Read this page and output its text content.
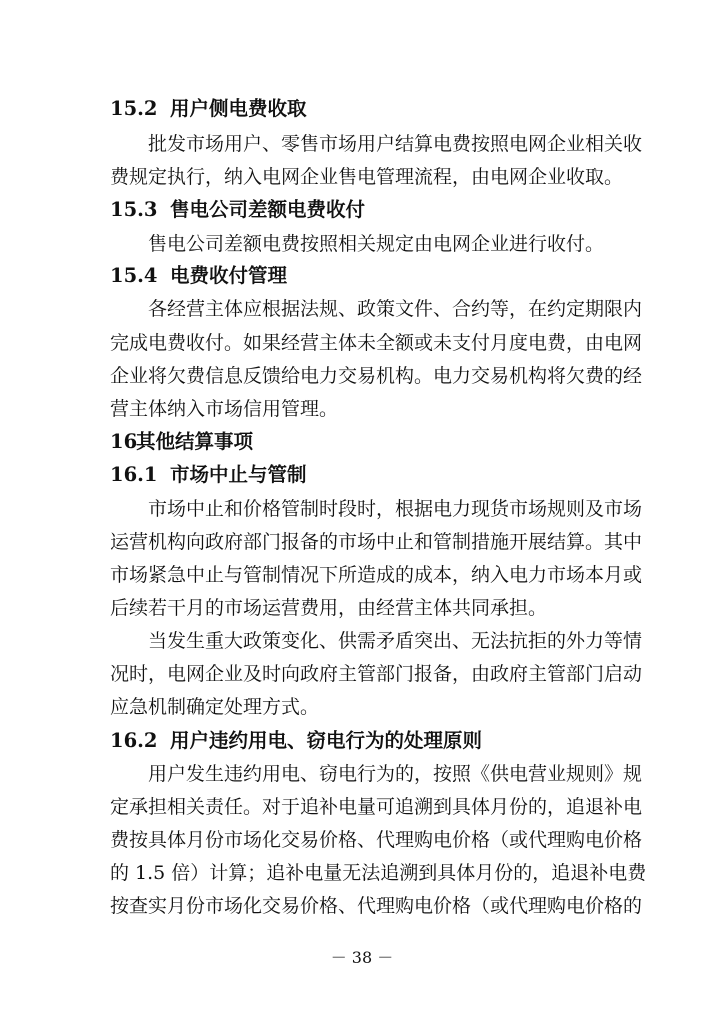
15.2 用户侧电费收取
批发市场用户、零售市场用户结算电费按照电网企业相关收
费规定执行，纳入电网企业售电管理流程，由电网企业收取。
15.3 售电公司差额电费收付
售电公司差额电费按照相关规定由电网企业进行收付。
15.4 电费收付管理
各经营主体应根据法规、政策文件、合约等，在约定期限内
完成电费收付。如果经营主体未全额或未支付月度电费，由电网
企业将欠费信息反馈给电力交易机构。电力交易机构将欠费的经
营主体纳入市场信用管理。
16其他结算事项
16.1 市场中止与管制
市场中止和价格管制时段时，根据电力现货市场规则及市场
运营机构向政府部门报备的市场中止和管制措施开展结算。其中
市场紧急中止与管制情况下所造成的成本，纳入电力市场本月或
后续若干月的市场运营费用，由经营主体共同承担。
当发生重大政策变化、供需矛盾突出、无法抗拒的外力等情
况时，电网企业及时向政府主管部门报备，由政府主管部门启动
应急机制确定处理方式。
16.2 用户违约用电、窃电行为的处理原则
用户发生违约用电、窃电行为的，按照《供电营业规则》规
定承担相关责任。对于追补电量可追溯到具体月份的，追退补电
费按具体月份市场化交易价格、代理购电价格（或代理购电价格
的 1.5 倍）计算；追补电量无法追溯到具体月份的，追退补电费
按查实月份市场化交易价格、代理购电价格（或代理购电价格的
－ 38 －
